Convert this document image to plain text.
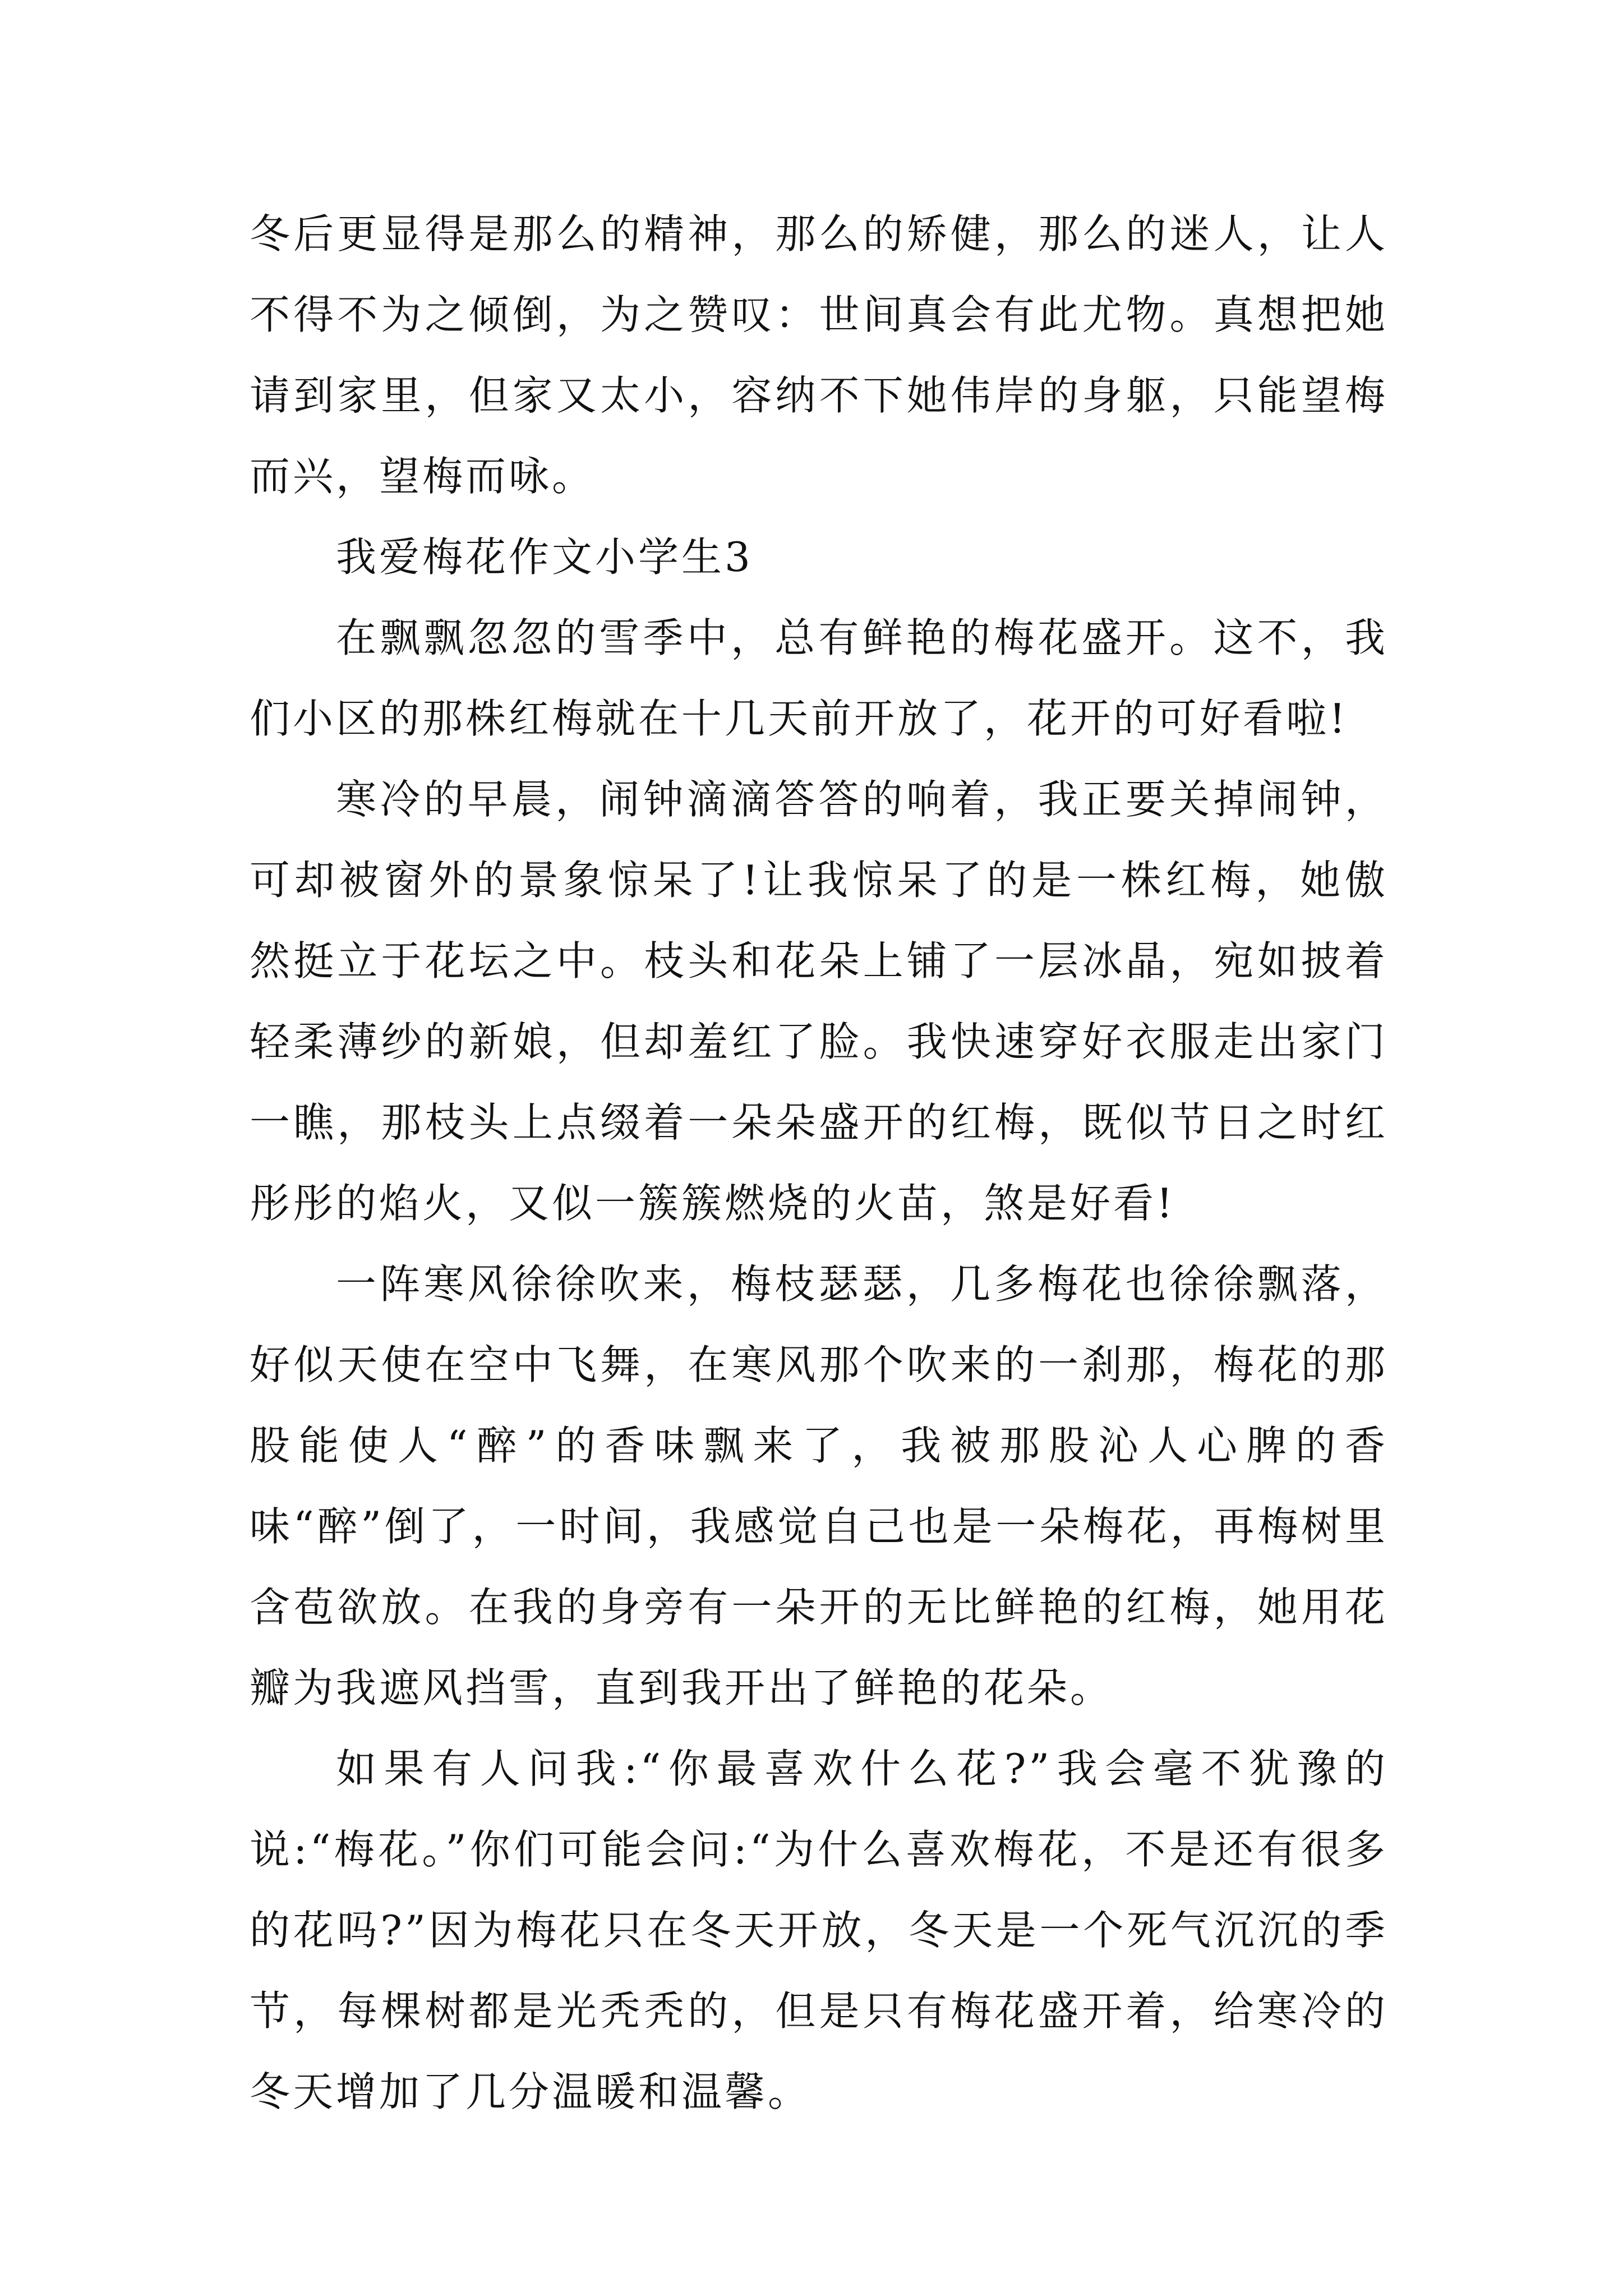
冬后更显得是那么的精神，那么的矫健，那么的迷人，让人不得不为之倾倒，为之赞叹：世间真会有此尤物。真想把她请到家里，但家又太小，容纳不下她伟岸的身躯，只能望梅而兴，望梅而咏。

我爱梅花作文小学生3

在飘飘忽忽的雪季中，总有鲜艳的梅花盛开。这不，我们小区的那株红梅就在十几天前开放了，花开的可好看啦!

寒冷的早晨，闹钟滴滴答答的响着，我正要关掉闹钟，可却被窗外的景象惊呆了!让我惊呆了的是一株红梅，她傲然挺立于花坛之中。枝头和花朵上铺了一层冰晶，宛如披着轻柔薄纱的新娘，但却羞红了脸。我快速穿好衣服走出家门一瞧，那枝头上点缀着一朵朵盛开的红梅，既似节日之时红彤彤的焰火，又似一簇簇燃烧的火苗，煞是好看!

一阵寒风徐徐吹来，梅枝瑟瑟，几多梅花也徐徐飘落，好似天使在空中飞舞，在寒风那个吹来的一刹那，梅花的那股能使人“醉”的香味飘来了，我被那股沁人心脾的香味“醉”倒了，一时间，我感觉自己也是一朵梅花，再梅树里含苞欲放。在我的身旁有一朵开的无比鲜艳的红梅，她用花瓣为我遮风挡雪，直到我开出了鲜艳的花朵。

如果有人问我:“你最喜欢什么花?”我会毫不犹豫的说:“梅花。”你们可能会问:“为什么喜欢梅花，不是还有很多的花吗?”因为梅花只在冬天开放，冬天是一个死气沉沉的季节，每棵树都是光秃秃的，但是只有梅花盛开着，给寒冷的冬天增加了几分温暖和温馨。
